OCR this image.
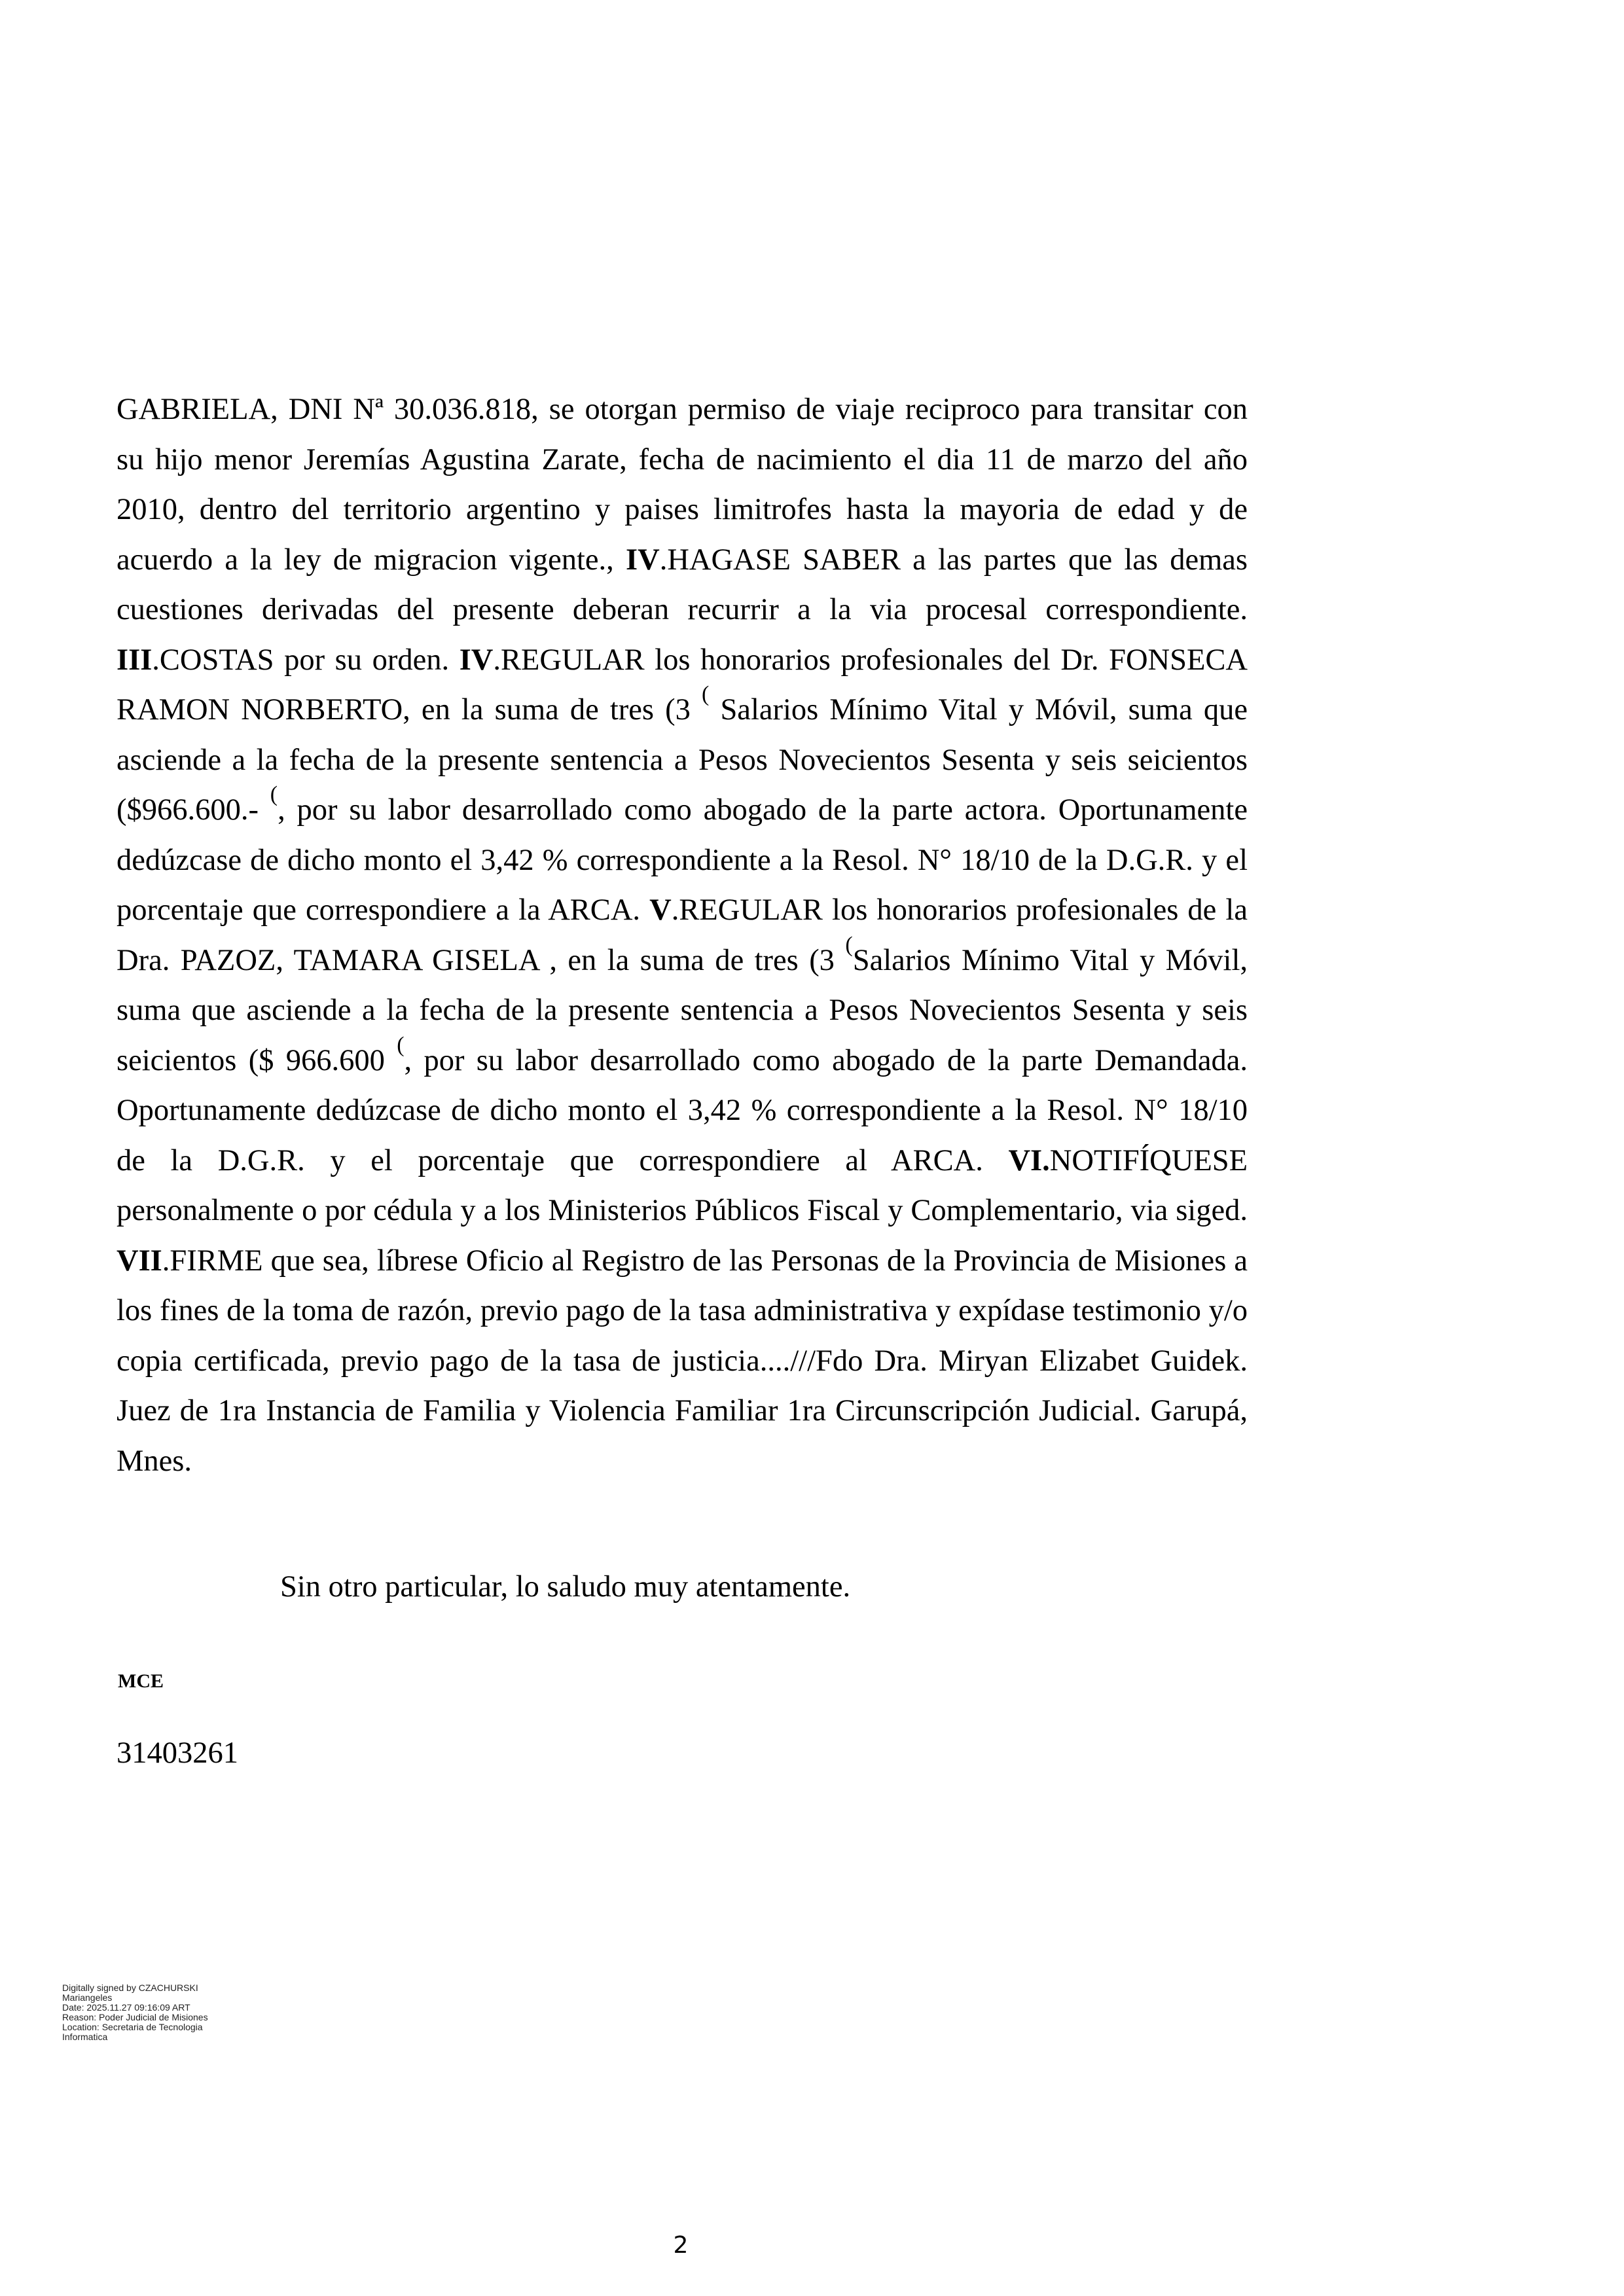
GABRIELA, DNI Nª 30.036.818, se otorgan permiso de viaje reciproco para transitar con su hijo menor Jeremías Agustina Zarate, fecha de nacimiento el dia 11 de marzo del año 2010, dentro del territorio argentino y paises limitrofes hasta la mayoria de edad y de acuerdo a la ley de migracion vigente., IV.HAGASE SABER a las partes que las demas cuestiones derivadas del presente deberan recurrir a la via procesal correspondiente. III.COSTAS por su orden. IV.REGULAR los honorarios profesionales del Dr. FONSECA RAMON NORBERTO, en la suma de tres (3 ( Salarios Mínimo Vital y Móvil, suma que asciende a la fecha de la presente sentencia a Pesos Novecientos Sesenta y seis seicientos ($966.600.- (, por su labor desarrollado como abogado de la parte actora. Oportunamente dedúzcase de dicho monto el 3,42 % correspondiente a la Resol. N° 18/10 de la D.G.R. y el porcentaje que correspondiere a la ARCA. V.REGULAR los honorarios profesionales de la Dra. PAZOZ, TAMARA GISELA , en la suma de tres (3 (Salarios Mínimo Vital y Móvil, suma que asciende a la fecha de la presente sentencia a Pesos Novecientos Sesenta y seis seicientos ($ 966.600 (, por su labor desarrollado como abogado de la parte Demandada. Oportunamente dedúzcase de dicho monto el 3,42 % correspondiente a la Resol. N° 18/10 de la D.G.R. y el porcentaje que correspondiere al ARCA. VI.NOTIFÍQUESE personalmente o por cédula y a los Ministerios Públicos Fiscal y Complementario, via siged. VII.FIRME que sea, líbrese Oficio al Registro de las Personas de la Provincia de Misiones a los fines de la toma de razón, previo pago de la tasa administrativa y expídase testimonio y/o copia certificada, previo pago de la tasa de justicia....///Fdo Dra. Miryan Elizabet Guidek. Juez de 1ra Instancia de Familia y Violencia Familiar 1ra Circunscripción Judicial. Garupá, Mnes.

Sin otro particular, lo saludo muy atentamente.

MCE

31403261

Digitally signed by CZACHURSKI
Mariangeles
Date: 2025.11.27 09:16:09 ART
Reason: Poder Judicial de Misiones
Location: Secretaria de Tecnologia
Informatica
2
